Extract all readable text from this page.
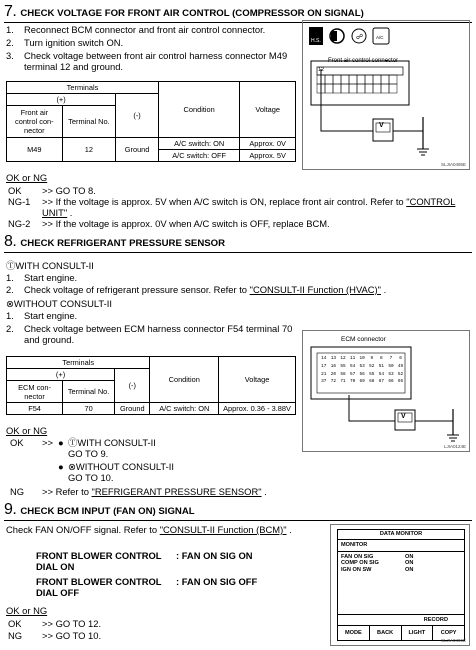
7. CHECK VOLTAGE FOR FRONT AIR CONTROL (COMPRESSOR ON SIGNAL)
1. Reconnect BCM connector and front air control connector.
2. Turn ignition switch ON.
3. Check voltage between front air control harness connector M49 terminal 12 and ground.
Terminals			Condition	Voltage
(+)		(-)		
Front air control con-nector	Terminal No.			
M49	12	Ground	A/C switch: ON	Approx. 0V
			A/C switch: OFF	Approx. 5V
H.S.	☍	A/C
Front air control connector
12
V
SLJIA0495E
OK or NG
OK >> GO TO 8.
NG-1 >> If the voltage is approx. 5V when A/C switch is ON, replace front air control. Refer to "CONTROL UNIT" .
NG-2 >> If the voltage is approx. 0V when A/C switch is OFF, replace BCM.
8. CHECK REFRIGERANT PRESSURE SENSOR
ⓉWITH CONSULT-II
1. Start engine.
2. Check voltage of refrigerant pressure sensor. Refer to "CONSULT-II Function (HVAC)" .
⊗WITHOUT CONSULT-II
1. Start engine.
2. Check voltage between ECM harness connector F54 terminal 70 and ground.
Terminals			Condition	Voltage
(+)		(-)		
ECM con-nector	Terminal No.			
F54	70	Ground	A/C switch: ON	Approx. 0.36 - 3.88V
ECM connector
14 13 12 11 10 9 8 7 6
17 16 55 54 53 52 51 50 49
21 20 58 57 56 55 54 53 52
37 72 71 70 69 68 67 66 65
V
LJIA0124E
OK or NG
OK >> ● ⓉWITH CONSULT-II
GO TO 9.
● ⊗WITHOUT CONSULT-II
GO TO 10.
NG >> Refer to "REFRIGERANT PRESSURE SENSOR" .
9. CHECK BCM INPUT (FAN ON) SIGNAL
Check FAN ON/OFF signal. Refer to "CONSULT-II Function (BCM)" .
FRONT BLOWER CONTROL DIAL ON
: FAN ON SIG ON
FRONT BLOWER CONTROL DIAL OFF
: FAN ON SIG OFF
OK or NG
OK >> GO TO 12.
NG >> GO TO 10.
DATA MONITOR
MONITOR
FAN ON SIG	ON
COMP ON SIG	ON
IGN ON SW	ON
RECORD
MODE	BACK	LIGHT	COPY
SLJIA0496E
